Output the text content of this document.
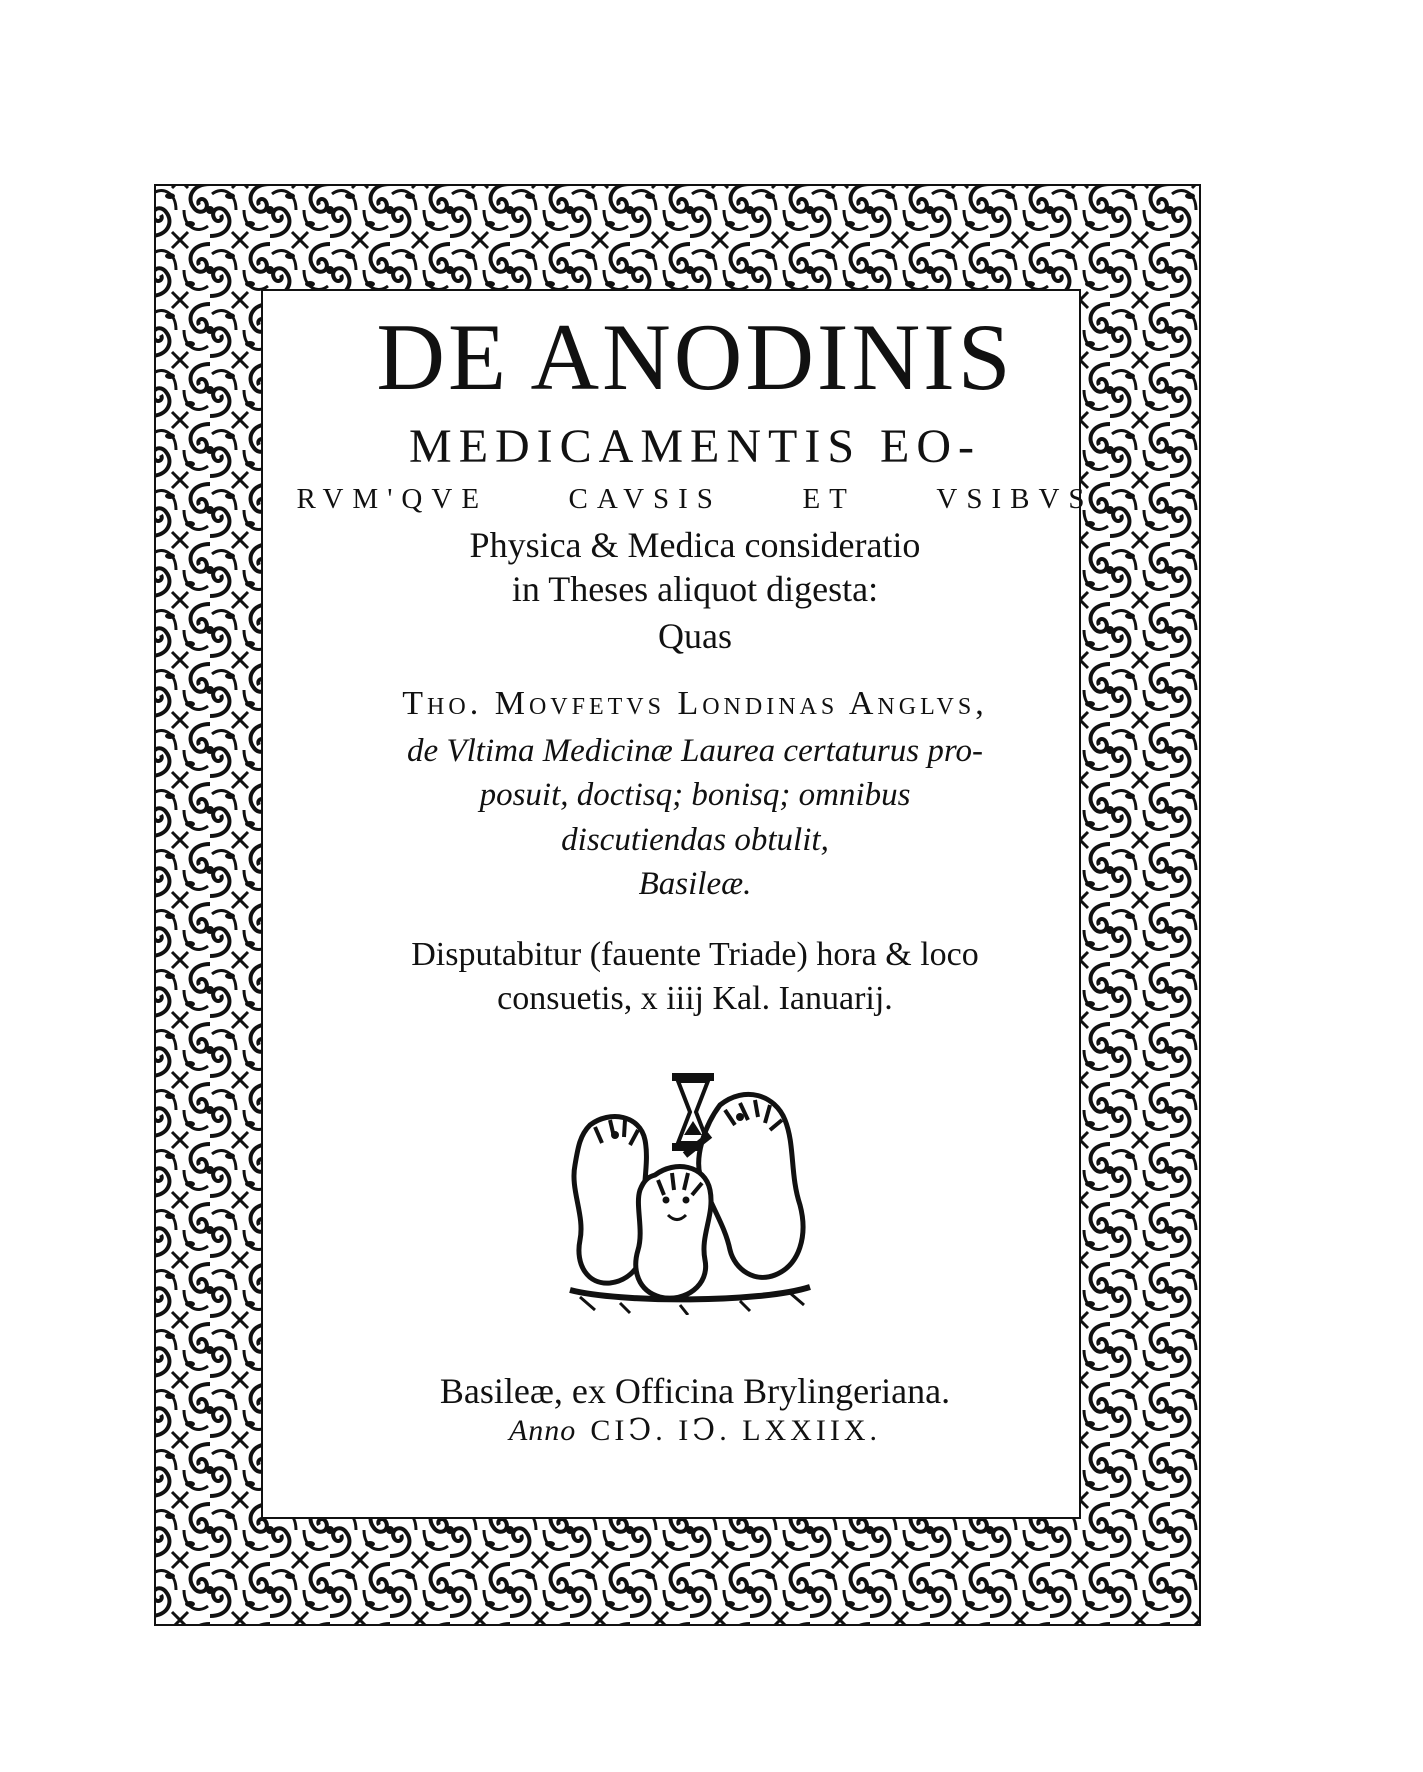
DE ANODINIS
MEDICAMENTIS EO-
RVM'QVE	CAVSIS	ET	VSIBVS
Physica & Medica consideratio
in Theses aliquot digesta:
Quas
Tho. Movfetvs Londinas Anglvs,
de Vltima Medicinæ Laurea certaturus pro-
posuit, doctisq; bonisq; omnibus
discutiendas obtulit,
Basileæ.
Disputabitur (fauente Triade) hora & loco
consuetis, x iiij Kal. Ianuarij.
Basileæ, ex Officina Brylingeriana.
Anno CIↃ. IↃ. LXXIIX.
